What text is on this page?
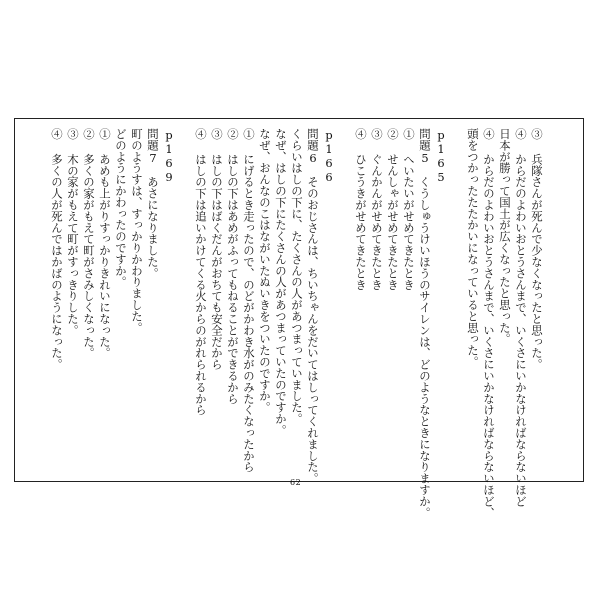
③ 兵隊さんが死んで少なくなったと思った。
④ からだのよわいおとうさんまで、いくさにいかなければならないほど
日本が勝って国土が広くなったと思った。
④ からだのよわいおとうさんまで、いくさにいかなければならないほど、
頭をつかったたたかいになっていると思った。
p165
問題5　くうしゅうけいほうのサイレンは、どのようなときになりますか。
① へいたいがせめてきたとき
② せんしゃがせめてきたとき
③ ぐんかんがせめてきたとき
④ ひこうきがせめてきたとき
p166
問題6　そのおじさんは、ちいちゃんをだいてはしってくれました。
くらいはしの下に、たくさんの人があつまっていました。
なぜ、はしの下にたくさんの人があつまっていたのですか。
なぜ、おんなのこはながいたぬいきをついたのですか。
① にげるとき走ったので、のどがかわき水がのみたくなったから
② はしの下はあめがふってもねることができるから
③ はしの下はばくだんがおちても安全だから
④ はしの下は追いかけてくる火からのがれられるから
p169
問題7　あさになりました。
町のようすは、すっかりかわりました。
どのようにかわったのですか。
① あめも上がりすっかりきれいになった。
② 多くの家がもえて町がさみしくなった。
③ 木の家がもえて町がすっきりした。
④ 多くの人が死んではかばのようになった。
62
